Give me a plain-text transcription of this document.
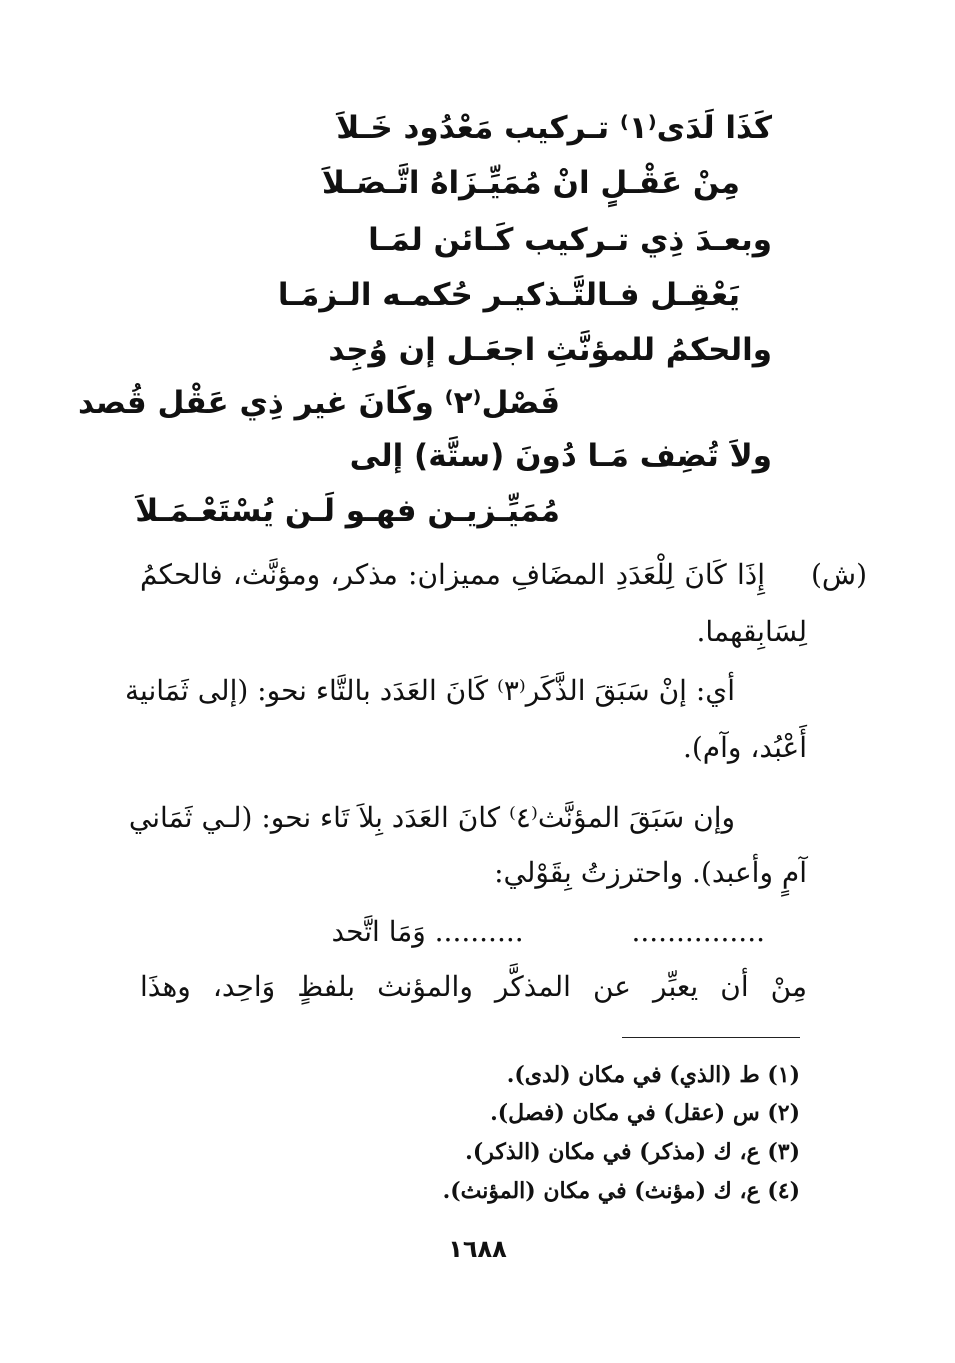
كَذَا لَدَى⁽١⁾ تـركيب مَعْدُود خَـلاَ
مِنْ عَقْـلٍ انْ مُمَيِّـزَاهُ اتَّـصَـلاَ
وبعـدَ ذِي تـركيب كَـائن لمَـا
يَعْقِـل فـالتَّـذكيـر حُكمـه الـزمَـا
والحكمُ للمؤنَّثِ اجعَـل إن وُجِد
فَصْل⁽٢⁾ وكَانَ غير ذِي عَقْل قُصد
ولاَ تُضِف مَـا دُونَ (ستَّة) إلى
مُمَيِّـزيـن فهـو لَـن يُسْتَعْـمَـلاَ
(ش)
إِذَا كَانَ لِلْعَدَدِ المضَافِ مميزان: مذكر، ومؤنَّث، فالحكمُ
لِسَابِقهما.
أي: إنْ سَبَقَ الذَّكَر⁽٣⁾ كَانَ العَدَد بالتَّاء نحو: (إلى ثَمَانية
أَعْبُد، وآم).
وإن سَبَقَ المؤنَّث⁽٤⁾ كانَ العَدَد بِلاَ تَاء نحو: (لـي ثَمَاني
آمٍ وأعبد). واحترزتُ بِقَوْلي:
...............  .......... وَمَا اتَّحد
مِنْ أن يعبِّر عن المذكَّر والمؤنث بلفظٍ وَاحِد، وهذَا
(١) ط (الذي) في مكان (لدى).
(٢) س (عقل) في مكان (فصل).
(٣) ع، ك (مذكر) في مكان (الذكر).
(٤) ع، ك (مؤنث) في مكان (المؤنث).
١٦٨٨
